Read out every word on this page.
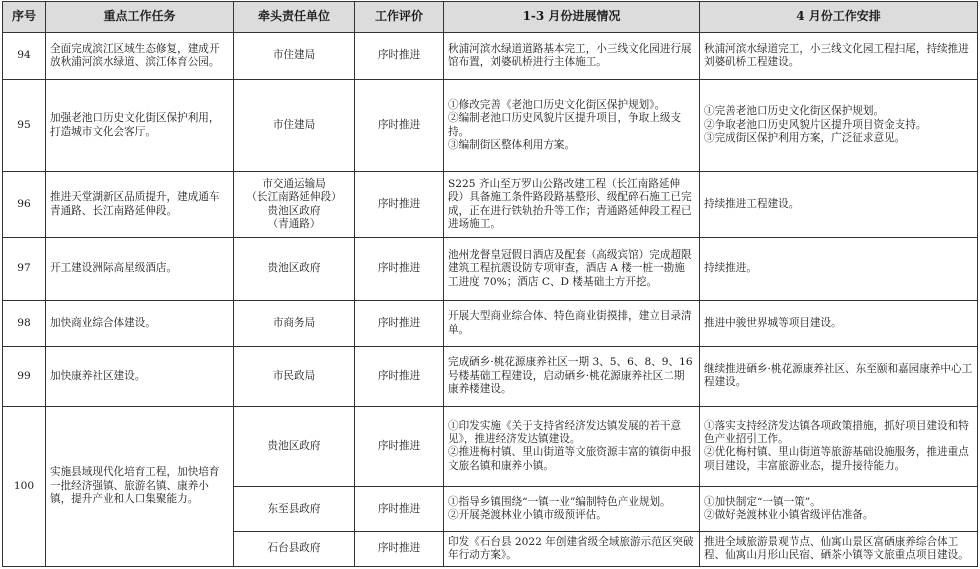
序号	重点工作任务	牵头责任单位	工作评价	1-3 月份进展情况	4 月份工作安排
94	全面完成滨江区域生态修复，建成开放秋浦河滨水绿道、滨江体育公园。	市住建局	序时推进	秋浦河滨水绿道道路基本完工，小三线文化园进行展馆布置，刘婆矶桥进行主体施工。	秋浦河滨水绿道完工，小三线文化园工程扫尾，持续推进刘婆矶桥工程建设。
95	加强老池口历史文化街区保护利用，打造城市文化会客厅。	市住建局	序时推进	①修改完善《老池口历史文化街区保护规划》。
②编制老池口历史风貌片区提升项目，争取上级支持。
③编制街区整体利用方案。	①完善老池口历史文化街区保护规划。
②争取老池口历史风貌片区提升项目资金支持。
③完成街区保护利用方案，广泛征求意见。
96	推进天堂湖新区品质提升，建成通车青通路、长江南路延伸段。	市交通运输局
（长江南路延伸段）
贵池区政府
（青通路）	序时推进	S225 齐山至万罗山公路改建工程（长江南路延伸段）具备施工条件路段路基整形、级配碎石施工已完成，正在进行铁轨抬升等工作；青通路延伸段工程已进场施工。	持续推进工程建设。
97	开工建设洲际高星级酒店。	贵池区政府	序时推进	池州龙督皇冠假日酒店及配套（高级宾馆）完成超限建筑工程抗震设防专项审查，酒店 A 楼一桩一勘施工进度 70%；酒店 C、D 楼基础土方开挖。	持续推进。
98	加快商业综合体建设。	市商务局	序时推进	开展大型商业综合体、特色商业街摸排，建立目录清单。	推进中骏世界城等项目建设。
99	加快康养社区建设。	市民政局	序时推进	完成硒乡·桃花源康养社区一期 3、5、6、8、9、16 号楼基础工程建设，启动硒乡·桃花源康养社区二期康养楼建设。	继续推进硒乡·桃花源康养社区、东至颐和嘉园康养中心工程建设。
100	实施县域现代化培育工程，加快培育一批经济强镇、旅游名镇、康养小镇，提升产业和人口集聚能力。	贵池区政府	序时推进	①印发实施《关于支持省经济发达镇发展的若干意见》，推进经济发达镇建设。
②推进梅村镇、里山街道等文旅资源丰富的镇街申报文旅名镇和康养小镇。	①落实支持经济发达镇各项政策措施，抓好项目建设和特色产业招引工作。
②优化梅村镇、里山街道等旅游基础设施服务，推进重点项目建设，丰富旅游业态，提升接待能力。
		东至县政府	序时推进	①指导乡镇围绕“一镇一业”编制特色产业规划。
②开展尧渡林业小镇市级预评估。	①加快制定“一镇一策”。
②做好尧渡林业小镇省级评估准备。
		石台县政府	序时推进	印发《石台县 2022 年创建省级全域旅游示范区突破年行动方案》。	推进全域旅游景观节点、仙寓山景区富硒康养综合体工程、仙寓山月形山民宿、硒茶小镇等文旅重点项目建设。
